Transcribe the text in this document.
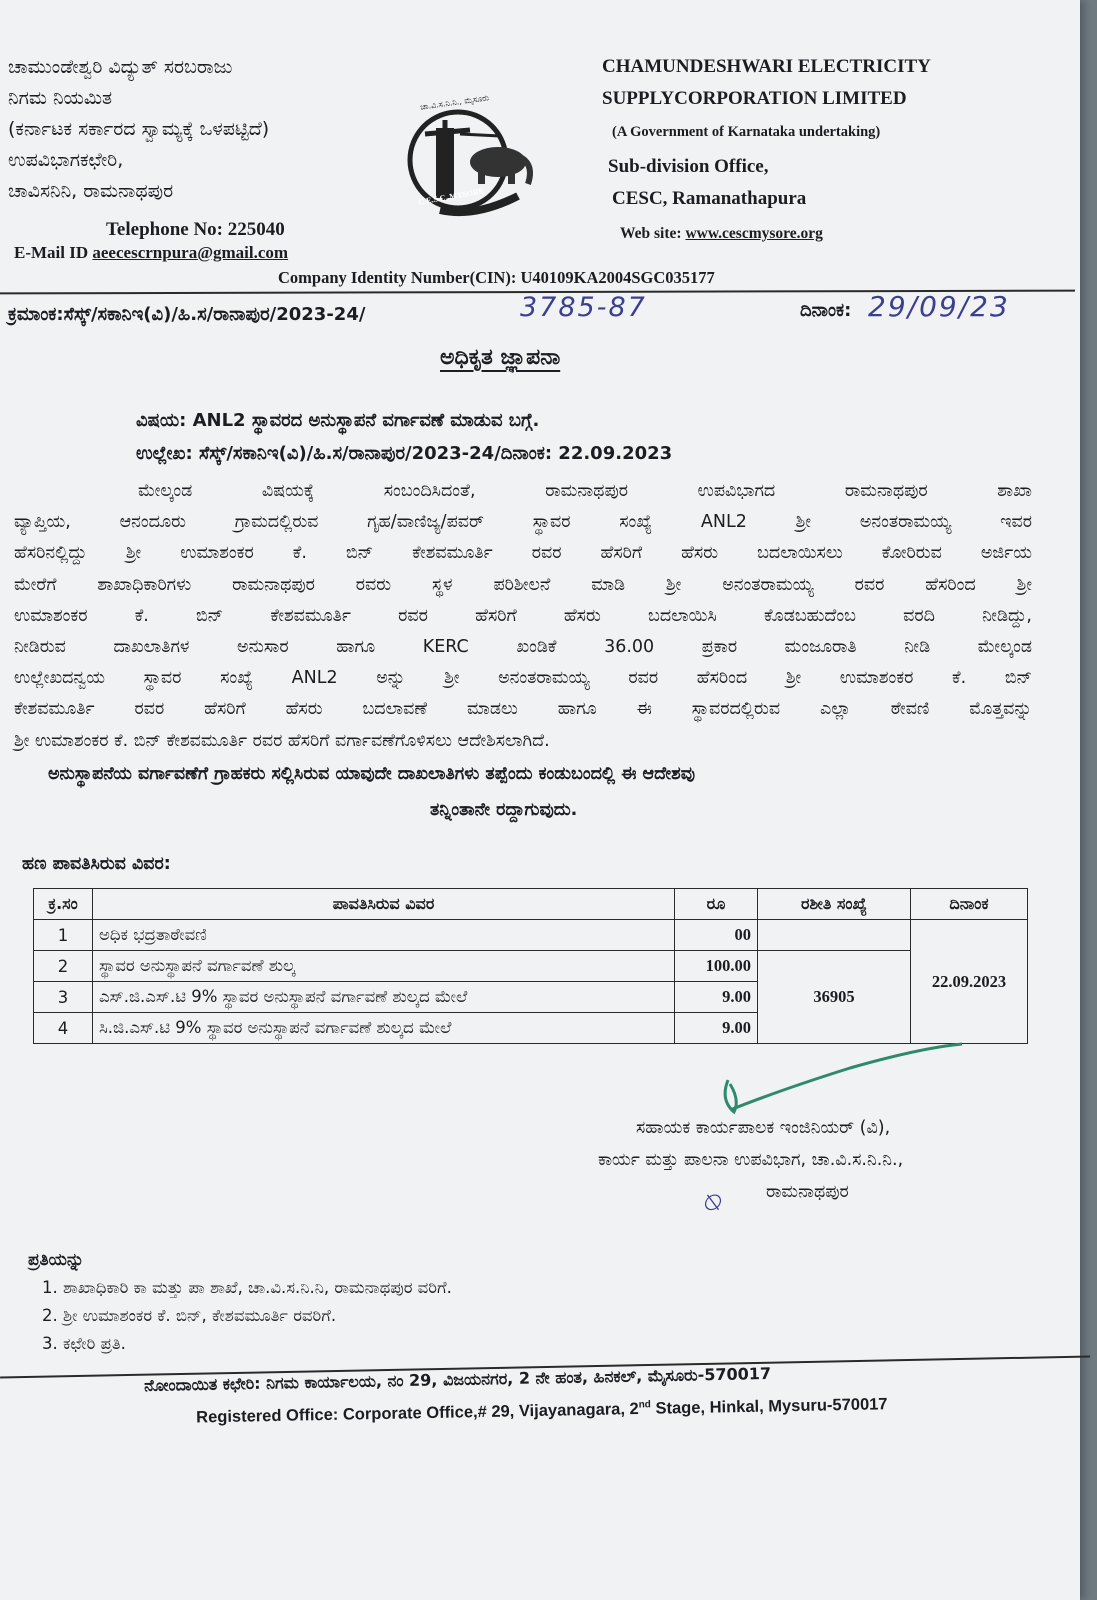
ಚಾಮುಂಡೇಶ್ವರಿ ವಿದ್ಯುತ್ ಸರಬರಾಜು
ನಿಗಮ ನಿಯಮಿತ
(ಕರ್ನಾಟಕ ಸರ್ಕಾರದ ಸ್ವಾಮ್ಯಕ್ಕೆ ಒಳಪಟ್ಟಿದೆ)
ಉಪವಿಭಾಗಕಛೇರಿ,
ಚಾವಿಸನಿನಿ, ರಾಮನಾಥಪುರ
Telephone No: 225040
E-Mail ID aeecescrnpura@gmail.com
ಚಾ.ವಿ.ಸ.ನಿ.ನಿ., ಮೈಸೂರು
C.E.S.C, MYSORE
CHAMUNDESHWARI ELECTRICITY
SUPPLYCORPORATION LIMITED
(A Government of Karnataka undertaking)
Sub-division Office,
CESC, Ramanathapura
Web site: www.cescmysore.org
Company Identity Number(CIN): U40109KA2004SGC035177
ಕ್ರಮಾಂಕ:ಸೆಸ್ಕ್/ಸಕಾನಿಇ(ವಿ)/ಹಿ.ಸ/ರಾನಾಪುರ/2023-24/	3785-87	ದಿನಾಂಕ: 29/09/23
ಅಧಿಕೃತ ಜ್ಞಾಪನಾ
ವಿಷಯ: ANL2 ಸ್ಥಾವರದ ಅನುಸ್ಥಾಪನೆ ವರ್ಗಾವಣೆ ಮಾಡುವ ಬಗ್ಗೆ.
ಉಲ್ಲೇಖ: ಸೆಸ್ಕ್/ಸಕಾನಿಇ(ವಿ)/ಹಿ.ಸ/ರಾನಾಪುರ/2023-24/ದಿನಾಂಕ: 22.09.2023
ಮೇಲ್ಕಂಡ ವಿಷಯಕ್ಕೆ ಸಂಬಂದಿಸಿದಂತೆ, ರಾಮನಾಥಪುರ ಉಪವಿಭಾಗದ ರಾಮನಾಥಪುರ ಶಾಖಾ
ವ್ಯಾಪ್ತಿಯ, ಆನಂದೂರು ಗ್ರಾಮದಲ್ಲಿರುವ ಗೃಹ/ವಾಣಿಜ್ಯ/ಪವರ್ ಸ್ಥಾವರ ಸಂಖ್ಯೆ ANL2 ಶ್ರೀ ಅನಂತರಾಮಯ್ಯ ಇವರ
ಹೆಸರಿನಲ್ಲಿದ್ದು ಶ್ರೀ ಉಮಾಶಂಕರ ಕೆ. ಬಿನ್ ಕೇಶವಮೂರ್ತಿ ರವರ ಹೆಸರಿಗೆ ಹೆಸರು ಬದಲಾಯಿಸಲು ಕೋರಿರುವ ಅರ್ಜಿಯ
ಮೇರೆಗೆ ಶಾಖಾಧಿಕಾರಿಗಳು ರಾಮನಾಥಪುರ ರವರು ಸ್ಥಳ ಪರಿಶೀಲನೆ ಮಾಡಿ ಶ್ರೀ ಅನಂತರಾಮಯ್ಯ ರವರ ಹೆಸರಿಂದ ಶ್ರೀ
ಉಮಾಶಂಕರ ಕೆ. ಬಿನ್ ಕೇಶವಮೂರ್ತಿ ರವರ ಹೆಸರಿಗೆ ಹೆಸರು ಬದಲಾಯಿಸಿ ಕೊಡಬಹುದೆಂಬ ವರದಿ ನೀಡಿದ್ದು,
ನೀಡಿರುವ ದಾಖಲಾತಿಗಳ ಅನುಸಾರ ಹಾಗೂ KERC ಖಂಡಿಕೆ 36.00 ಪ್ರಕಾರ ಮಂಜೂರಾತಿ ನೀಡಿ ಮೇಲ್ಕಂಡ
ಉಲ್ಲೇಖದನ್ವಯ ಸ್ಥಾವರ ಸಂಖ್ಯೆ ANL2 ಅನ್ನು ಶ್ರೀ ಅನಂತರಾಮಯ್ಯ ರವರ ಹೆಸರಿಂದ ಶ್ರೀ ಉಮಾಶಂಕರ ಕೆ. ಬಿನ್
ಕೇಶವಮೂರ್ತಿ ರವರ ಹೆಸರಿಗೆ ಹೆಸರು ಬದಲಾವಣೆ ಮಾಡಲು ಹಾಗೂ ಈ ಸ್ಥಾವರದಲ್ಲಿರುವ ಎಲ್ಲಾ ಠೇವಣಿ ಮೊತ್ತವನ್ನು
ಶ್ರೀ ಉಮಾಶಂಕರ ಕೆ. ಬಿನ್ ಕೇಶವಮೂರ್ತಿ ರವರ ಹೆಸರಿಗೆ ವರ್ಗಾವಣೆಗೊಳಿಸಲು ಆದೇಶಿಸಲಾಗಿದೆ.
ಅನುಸ್ಥಾಪನೆಯ ವರ್ಗಾವಣೆಗೆ ಗ್ರಾಹಕರು ಸಲ್ಲಿಸಿರುವ ಯಾವುದೇ ದಾಖಲಾತಿಗಳು ತಪ್ಪೆಂದು ಕಂಡುಬಂದಲ್ಲಿ ಈ ಆದೇಶವು
ತನ್ನಿಂತಾನೇ ರದ್ದಾಗುವುದು.
ಹಣ ಪಾವತಿಸಿರುವ ವಿವರ:
ಕ್ರ.ಸಂ	ಪಾವತಿಸಿರುವ ವಿವರ	ರೂ	ರಶೀತಿ ಸಂಖ್ಯೆ	ದಿನಾಂಕ
1	ಅಧಿಕ ಭದ್ರತಾಠೇವಣಿ	00		22.09.2023
2	ಸ್ಥಾವರ ಅನುಸ್ಥಾಪನೆ ವರ್ಗಾವಣೆ ಶುಲ್ಕ	100.00	36905	
3	ಎಸ್.ಜಿ.ಎಸ್.ಟಿ 9% ಸ್ಥಾವರ ಅನುಸ್ಥಾಪನೆ ವರ್ಗಾವಣೆ ಶುಲ್ಕದ ಮೇಲೆ	9.00		
4	ಸಿ.ಜಿ.ಎಸ್.ಟಿ 9% ಸ್ಥಾವರ ಅನುಸ್ಥಾಪನೆ ವರ್ಗಾವಣೆ ಶುಲ್ಕದ ಮೇಲೆ	9.00		
ಸಹಾಯಕ ಕಾರ್ಯಪಾಲಕ ಇಂಜಿನಿಯರ್ (ವಿ),
ಕಾರ್ಯ ಮತ್ತು ಪಾಲನಾ ಉಪವಿಭಾಗ, ಚಾ.ವಿ.ಸ.ನಿ.ನಿ.,
⍉	ರಾಮನಾಥಪುರ
ಪ್ರತಿಯನ್ನು
1. ಶಾಖಾಧಿಕಾರಿ ಕಾ ಮತ್ತು ಪಾ ಶಾಖೆ, ಚಾ.ವಿ.ಸ.ನಿ.ನಿ, ರಾಮನಾಥಪುರ ವರಿಗೆ.
2. ಶ್ರೀ ಉಮಾಶಂಕರ ಕೆ. ಬಿನ್, ಕೇಶವಮೂರ್ತಿ ರವರಿಗೆ.
3. ಕಛೇರಿ ಪ್ರತಿ.
ನೋಂದಾಯಿತ ಕಛೇರಿ: ನಿಗಮ ಕಾರ್ಯಾಲಯ, ನಂ 29, ವಿಜಯನಗರ, 2 ನೇ ಹಂತ, ಹಿನಕಲ್, ಮೈಸೂರು-570017
Registered Office: Corporate Office,# 29, Vijayanagara, 2nd Stage, Hinkal, Mysuru-570017
